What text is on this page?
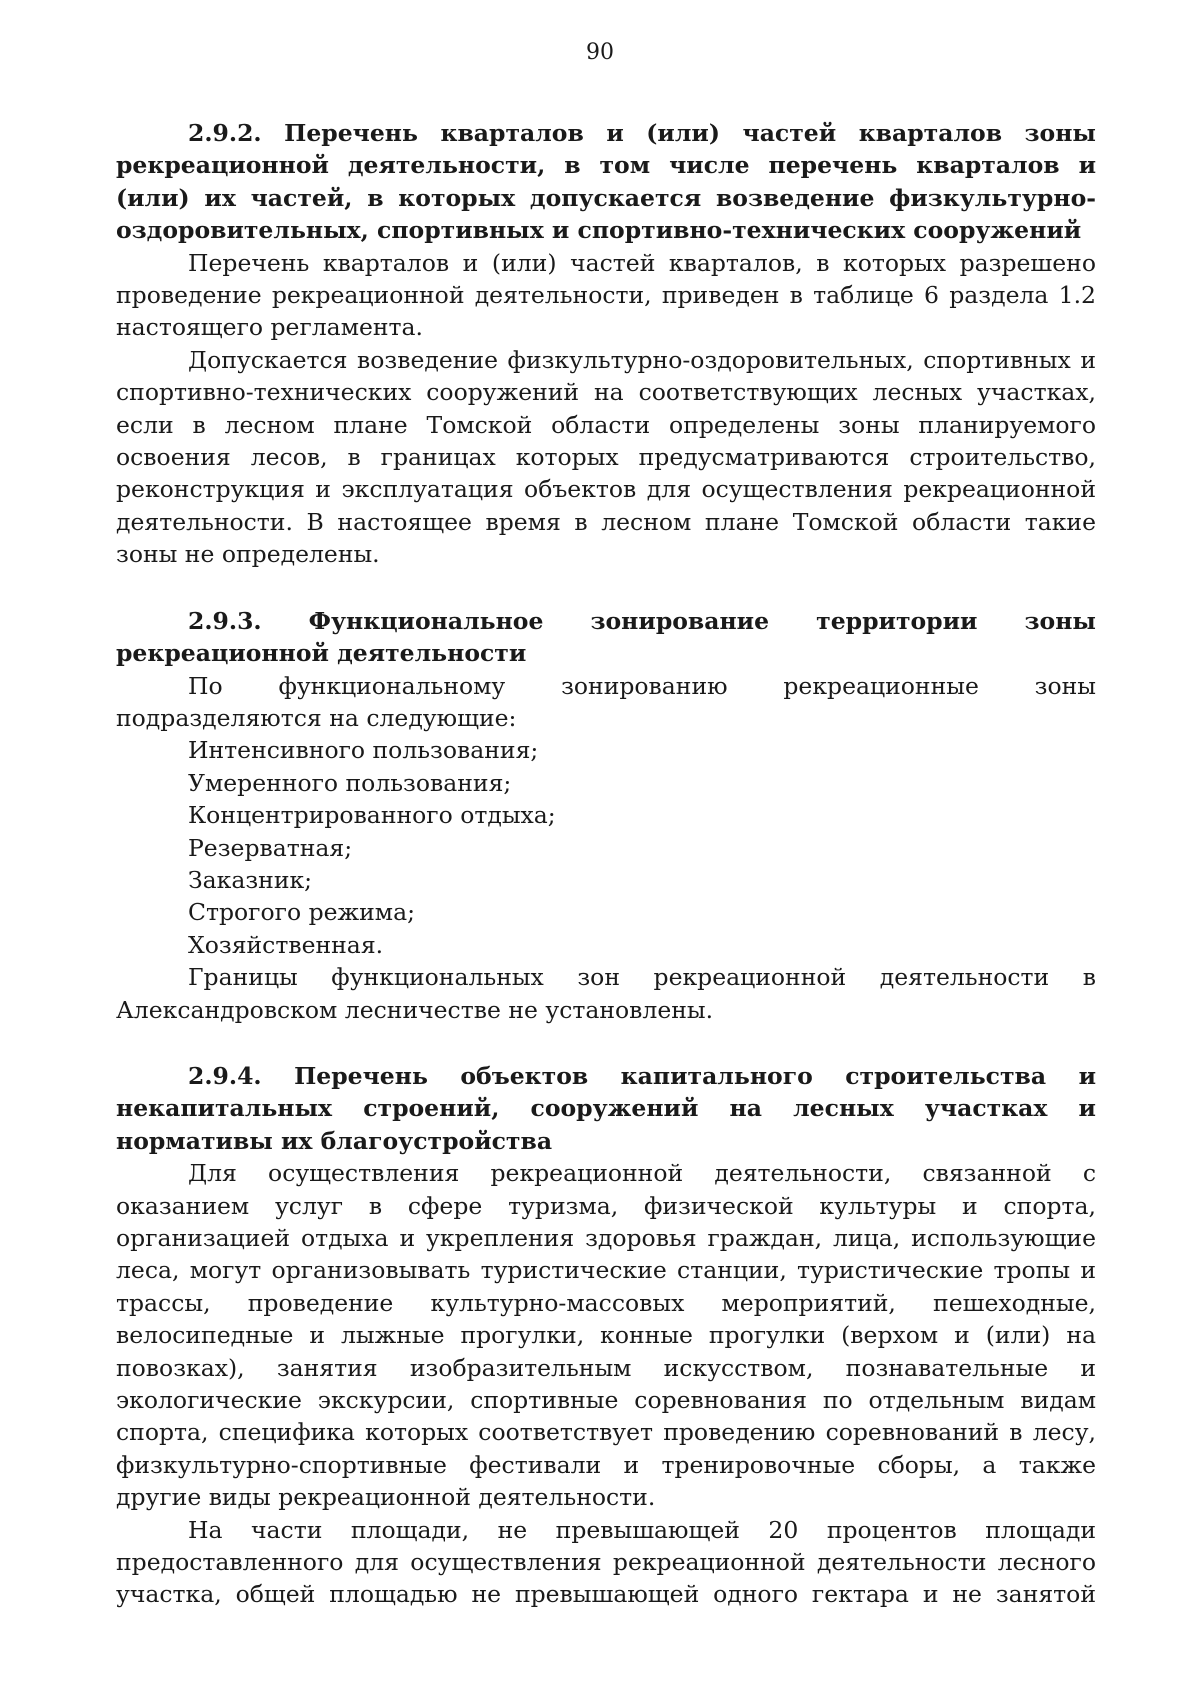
90

2.9.2. Перечень кварталов и (или) частей кварталов зоны рекреационной деятельности, в том числе перечень кварталов и (или) их частей, в которых допускается возведение физкультурно-оздоровительных, спортивных и спортивно-технических сооружений

Перечень кварталов и (или) частей кварталов, в которых разрешено проведение рекреационной деятельности, приведен в таблице 6 раздела 1.2 настоящего регламента.

Допускается возведение физкультурно-оздоровительных, спортивных и спортивно-технических сооружений на соответствующих лесных участках, если в лесном плане Томской области определены зоны планируемого освоения лесов, в границах которых предусматриваются строительство, реконструкция и эксплуатация объектов для осуществления рекреационной деятельности. В настоящее время в лесном плане Томской области такие зоны не определены.

2.9.3. Функциональное зонирование территории зоны рекреационной деятельности

По функциональному зонированию рекреационные зоны подразделяются на следующие:

Интенсивного пользования;

Умеренного пользования;

Концентрированного отдыха;

Резерватная;

Заказник;

Строгого режима;

Хозяйственная.

Границы функциональных зон рекреационной деятельности в Александровском лесничестве не установлены.

2.9.4. Перечень объектов капитального строительства и некапитальных строений, сооружений на лесных участках и нормативы их благоустройства

Для осуществления рекреационной деятельности, связанной с оказанием услуг в сфере туризма, физической культуры и спорта, организацией отдыха и укрепления здоровья граждан, лица, использующие леса, могут организовывать туристические станции, туристические тропы и трассы, проведение культурно-массовых мероприятий, пешеходные, велосипедные и лыжные прогулки, конные прогулки (верхом и (или) на повозках), занятия изобразительным искусством, познавательные и экологические экскурсии, спортивные соревнования по отдельным видам спорта, специфика которых соответствует проведению соревнований в лесу, физкультурно-спортивные фестивали и тренировочные сборы, а также другие виды рекреационной деятельности.

На части площади, не превышающей 20 процентов площади предоставленного для осуществления рекреационной деятельности лесного участка, общей площадью не превышающей одного гектара и не занятой
